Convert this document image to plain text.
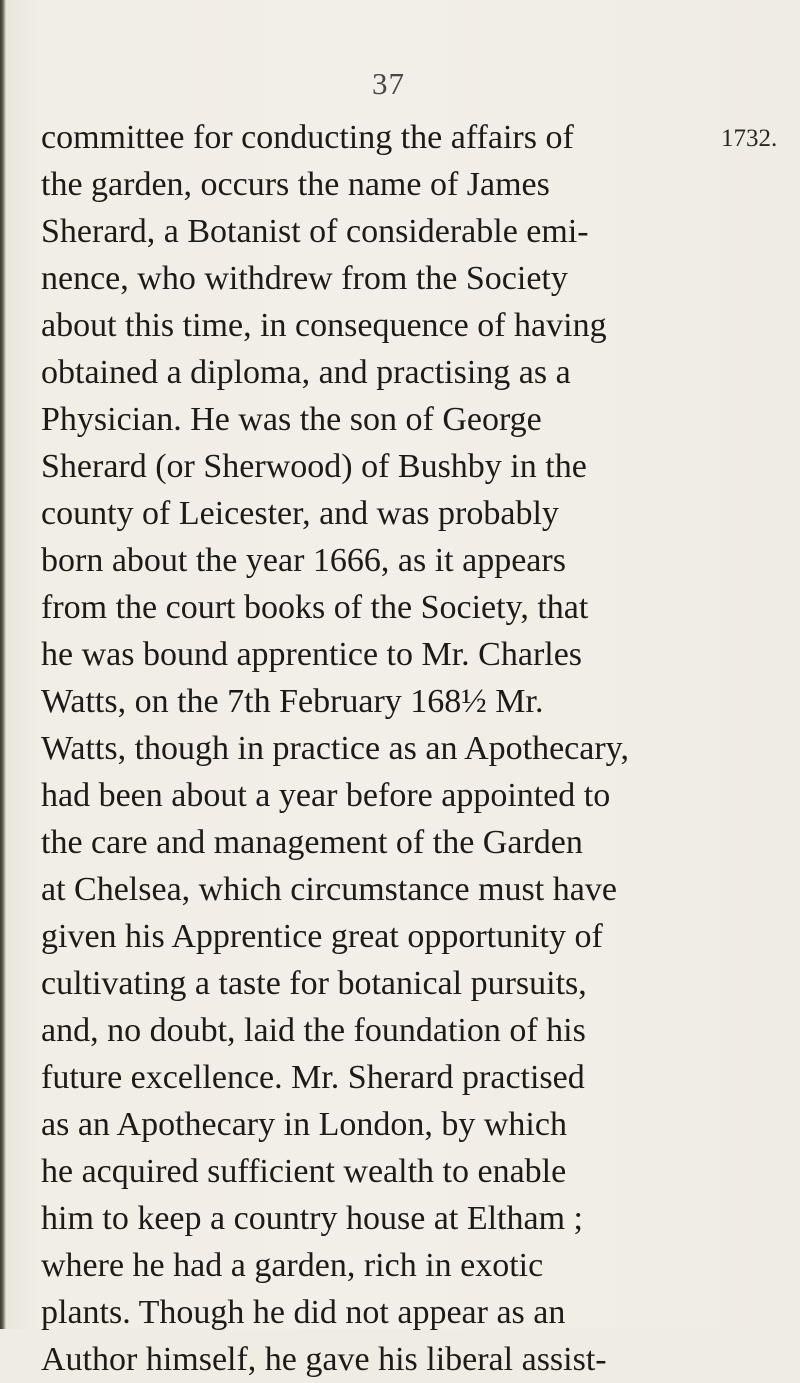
37
1732.
committee for conducting the affairs of
the garden, occurs the name of James
Sherard, a Botanist of considerable emi-
nence, who withdrew from the Society
about this time, in consequence of having
obtained a diploma, and practising as a
Physician. He was the son of George
Sherard (or Sherwood) of Bushby in the
county of Leicester, and was probably
born about the year 1666, as it appears
from the court books of the Society, that
he was bound apprentice to Mr. Charles
Watts, on the 7th February 168½ Mr.
Watts, though in practice as an Apothecary,
had been about a year before appointed to
the care and management of the Garden
at Chelsea, which circumstance must have
given his Apprentice great opportunity of
cultivating a taste for botanical pursuits,
and, no doubt, laid the foundation of his
future excellence. Mr. Sherard practised
as an Apothecary in London, by which
he acquired sufficient wealth to enable
him to keep a country house at Eltham ;
where he had a garden, rich in exotic
plants. Though he did not appear as an
Author himself, he gave his liberal assist-
